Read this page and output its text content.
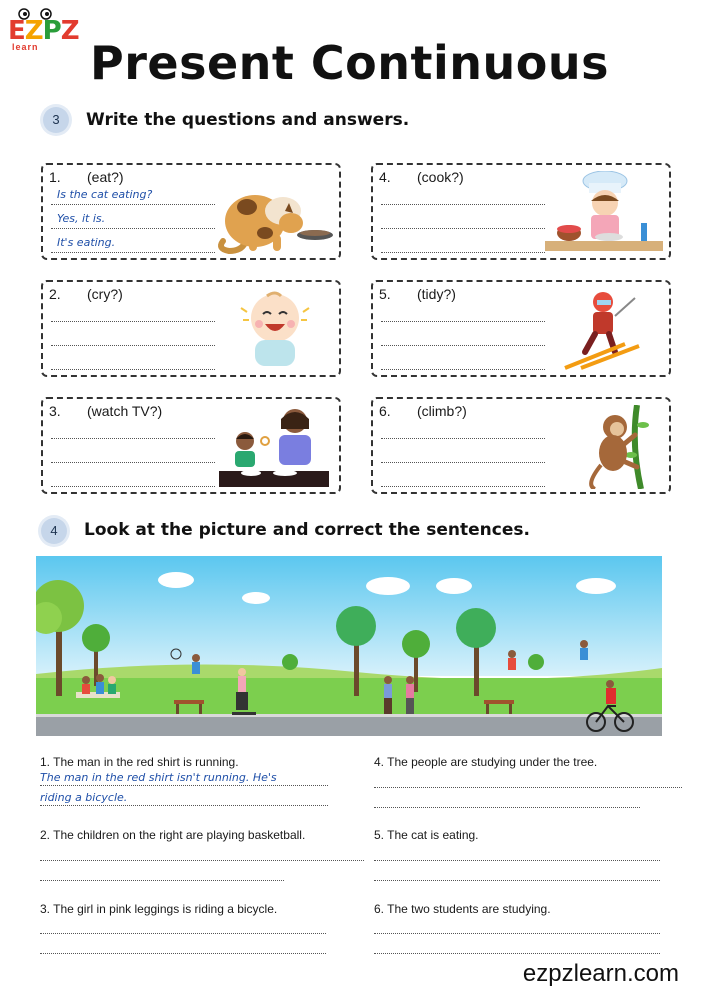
EZPZ
learn Present Continuous
3	Write the questions and answers.
1. (eat?)
Is the cat eating?
Yes, it is.
It's eating.
4. (cook?)
2. (cry?)	5. (tidy?)
3. (watch TV?)	6. (climb?)
4	Look at the picture and correct the sentences.
1. The man in the red shirt is running.
The man in the red shirt isn't running. He's
riding a bicycle.
4. The people are studying under the tree.
2. The children on the right are playing basketball.	5. The cat is eating.
3. The girl in pink leggings is riding a bicycle.	6. The two students are studying.
ezpzlearn.com
